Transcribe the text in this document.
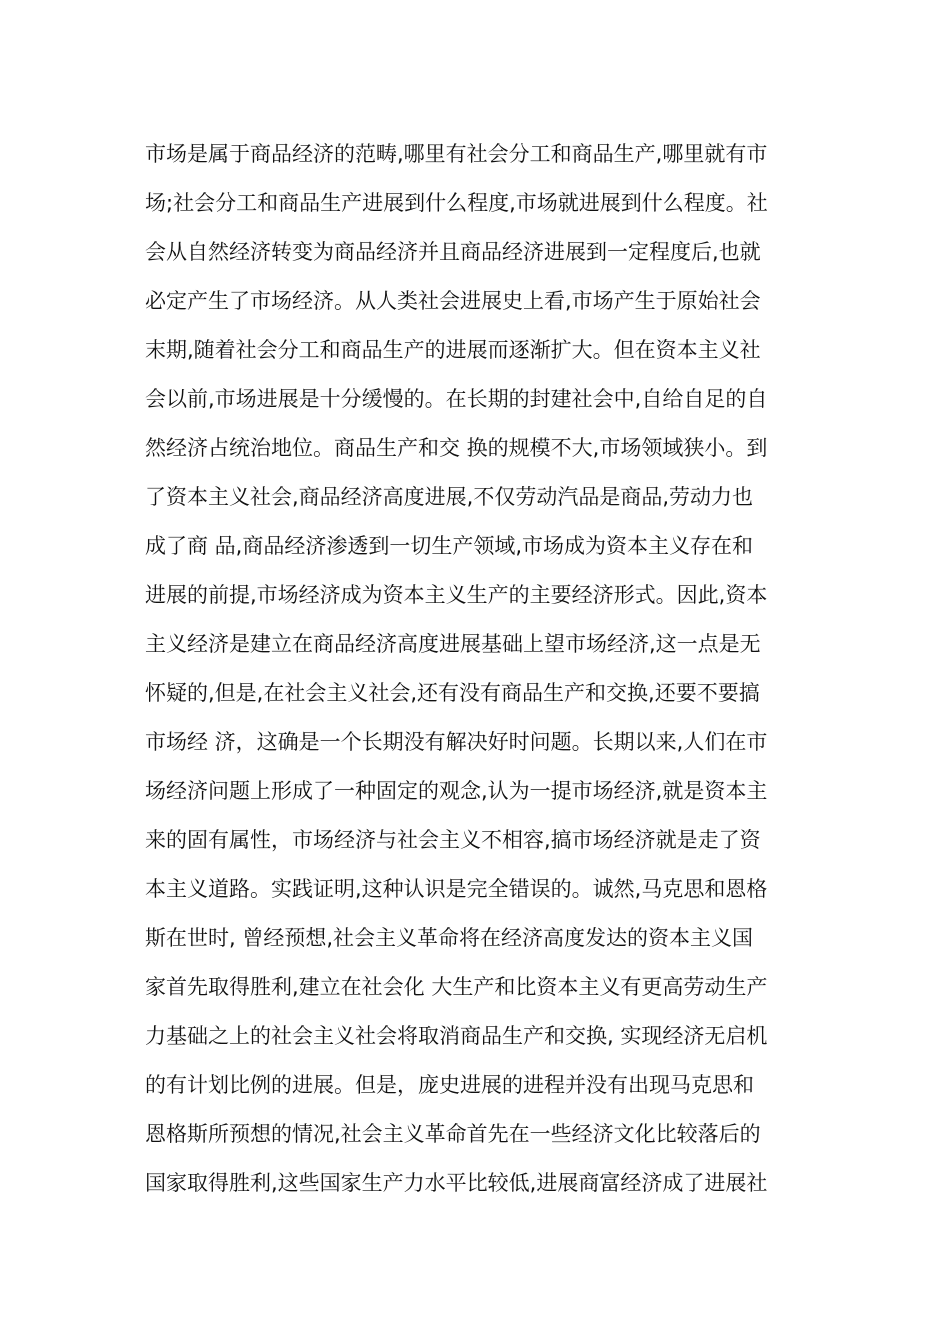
市场是属于商品经济的范畴,哪里有社会分工和商品生产,哪里就有市
场;社会分工和商品生产进展到什么程度,市场就进展到什么程度。社
会从自然经济转变为商品经济并且商品经济进展到一定程度后,也就
必定产生了市场经济。从人类社会进展史上看,市场产生于原始社会
末期,随着社会分工和商品生产的进展而逐渐扩大。但在资本主义社
会以前,市场进展是十分缓慢的。在长期的封建社会中,自给自足的自
然经济占统治地位。商品生产和交 换的规模不大,市场领域狭小。到
了资本主义社会,商品经济高度进展,不仅劳动汽品是商品,劳动力也
成了商 品,商品经济渗透到一切生产领域,市场成为资本主义存在和
进展的前提,市场经济成为资本主义生产的主要经济形式。因此,资本
主义经济是建立在商品经济高度进展基础上望市场经济,这一点是无
怀疑的,但是,在社会主义社会,还有没有商品生产和交换,还要不要搞
市场经 济，这确是一个长期没有解决好时问题。长期以来,人们在市
场经济问题上形成了一种固定的观念,认为一提市场经济,就是资本主
来的固有属性，市场经济与社会主义不相容,搞市场经济就是走了资
本主义道路。实践证明,这种认识是完全错误的。诚然,马克思和恩格
斯在世时, 曾经预想,社会主义革命将在经济高度发达的资本主义国
家首先取得胜利,建立在社会化 大生产和比资本主义有更高劳动生产
力基础之上的社会主义社会将取消商品生产和交换, 实现经济无启机
的有计划比例的进展。但是，庞史进展的进程并没有出现马克思和
恩格斯所预想的情况,社会主义革命首先在一些经济文化比较落后的
国家取得胜利,这些国家生产力水平比较低,进展商富经济成了进展社
